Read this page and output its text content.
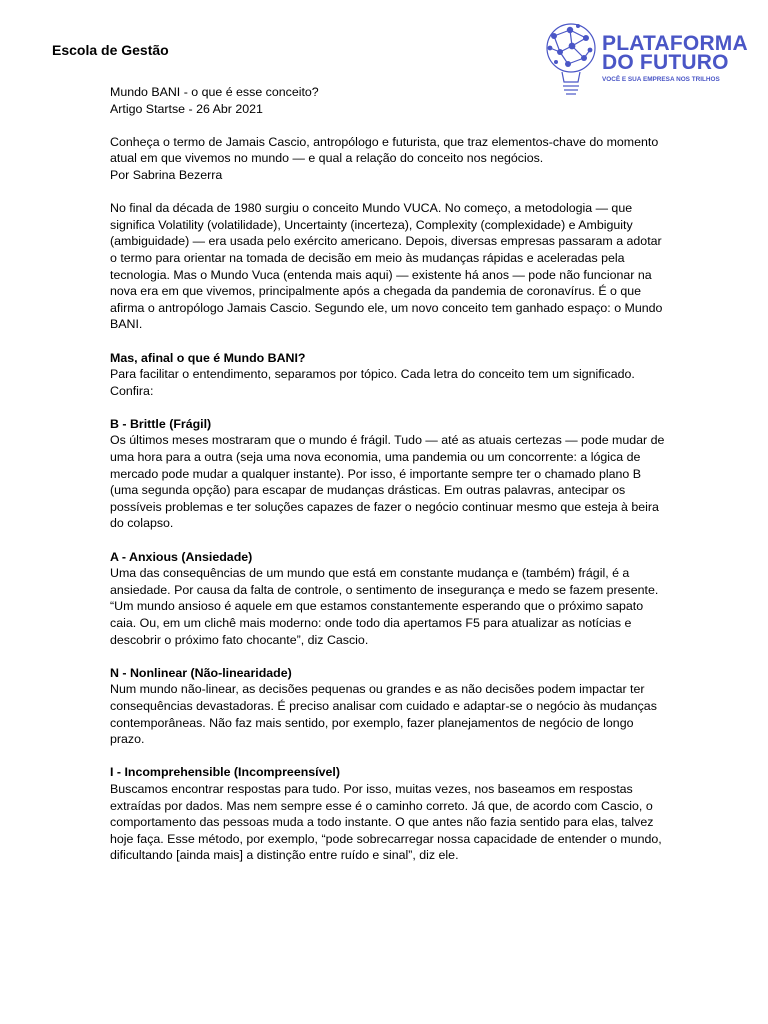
Escola de Gestão	PLATAFORMA
DO FUTURO
VOCÊ E SUA EMPRESA NOS TRILHOS

Mundo BANI - o que é esse conceito?
Artigo Startse - 26 Abr 2021

Conheça o termo de Jamais Cascio, antropólogo e futurista, que traz elementos-chave do momento atual em que vivemos no mundo — e qual a relação do conceito nos negócios.
Por Sabrina Bezerra

No final da década de 1980 surgiu o conceito Mundo VUCA. No começo, a metodologia — que significa Volatility (volatilidade), Uncertainty (incerteza), Complexity (complexidade) e Ambiguity (ambiguidade) — era usada pelo exército americano. Depois, diversas empresas passaram a adotar o termo para orientar na tomada de decisão em meio às mudanças rápidas e aceleradas pela tecnologia. Mas o Mundo Vuca (entenda mais aqui) — existente há anos — pode não funcionar na nova era em que vivemos, principalmente após a chegada da pandemia de coronavírus. É o que afirma o antropólogo Jamais Cascio. Segundo ele, um novo conceito tem ganhado espaço: o Mundo BANI.

Mas, afinal o que é Mundo BANI?
Para facilitar o entendimento, separamos por tópico. Cada letra do conceito tem um significado. Confira:

B - Brittle (Frágil)
Os últimos meses mostraram que o mundo é frágil. Tudo — até as atuais certezas — pode mudar de uma hora para a outra (seja uma nova economia, uma pandemia ou um concorrente: a lógica de mercado pode mudar a qualquer instante). Por isso, é importante sempre ter o chamado plano B (uma segunda opção) para escapar de mudanças drásticas. Em outras palavras, antecipar os possíveis problemas e ter soluções capazes de fazer o negócio continuar mesmo que esteja à beira do colapso.

A - Anxious (Ansiedade)
Uma das consequências de um mundo que está em constante mudança e (também) frágil, é a ansiedade. Por causa da falta de controle, o sentimento de insegurança e medo se fazem presente. “Um mundo ansioso é aquele em que estamos constantemente esperando que o próximo sapato caia. Ou, em um clichê mais moderno: onde todo dia apertamos F5 para atualizar as notícias e descobrir o próximo fato chocante”, diz Cascio.

N - Nonlinear (Não-linearidade)
Num mundo não-linear, as decisões pequenas ou grandes e as não decisões podem impactar ter consequências devastadoras. É preciso analisar com cuidado e adaptar-se o negócio às mudanças contemporâneas. Não faz mais sentido, por exemplo, fazer planejamentos de negócio de longo prazo.

I - Incomprehensible (Incompreensível)
Buscamos encontrar respostas para tudo. Por isso, muitas vezes, nos baseamos em respostas extraídas por dados. Mas nem sempre esse é o caminho correto. Já que, de acordo com Cascio, o comportamento das pessoas muda a todo instante. O que antes não fazia sentido para elas, talvez hoje faça. Esse método, por exemplo, “pode sobrecarregar nossa capacidade de entender o mundo, dificultando [ainda mais] a distinção entre ruído e sinal”, diz ele.
